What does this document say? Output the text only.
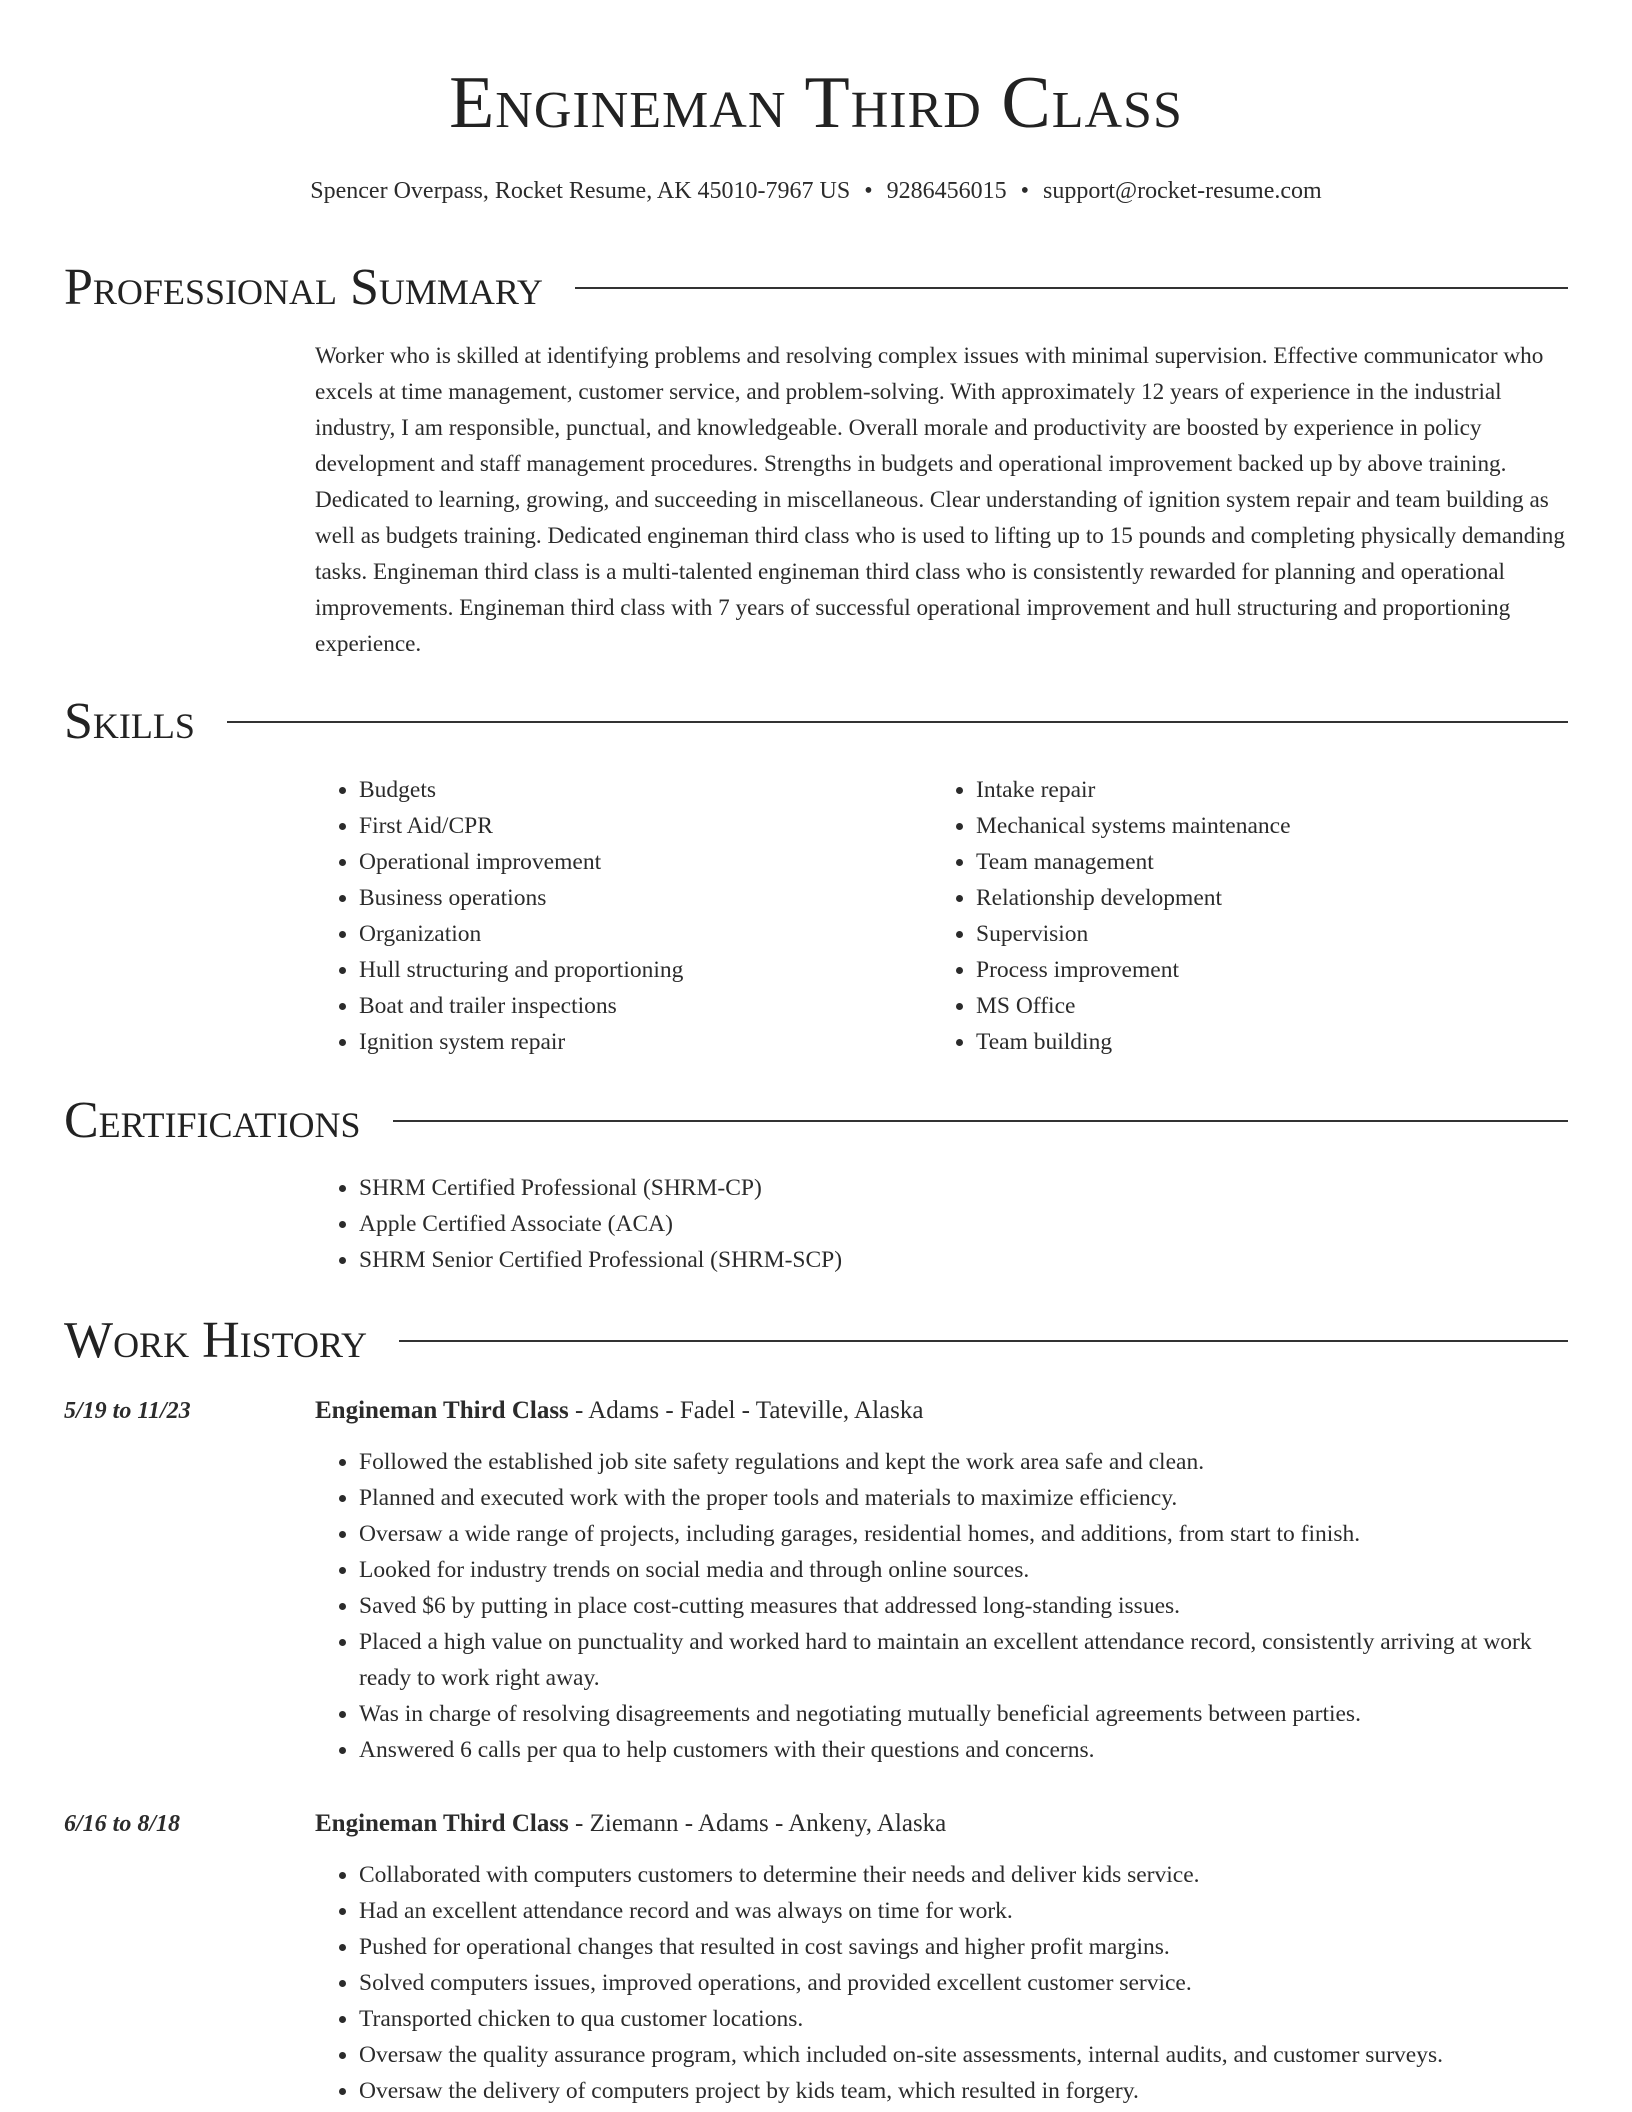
Engineman Third Class
Spencer Overpass, Rocket Resume, AK 45010-7967 US • 9286456015 • support@rocket-resume.com
Professional Summary
Worker who is skilled at identifying problems and resolving complex issues with minimal supervision. Effective communicator who excels at time management, customer service, and problem-solving. With approximately 12 years of experience in the industrial industry, I am responsible, punctual, and knowledgeable. Overall morale and productivity are boosted by experience in policy development and staff management procedures. Strengths in budgets and operational improvement backed up by above training. Dedicated to learning, growing, and succeeding in miscellaneous. Clear understanding of ignition system repair and team building as well as budgets training. Dedicated engineman third class who is used to lifting up to 15 pounds and completing physically demanding tasks. Engineman third class is a multi-talented engineman third class who is consistently rewarded for planning and operational improvements. Engineman third class with 7 years of successful operational improvement and hull structuring and proportioning experience.
Skills
• Budgets
• First Aid/CPR
• Operational improvement
• Business operations
• Organization
• Hull structuring and proportioning
• Boat and trailer inspections
• Ignition system repair
• Intake repair
• Mechanical systems maintenance
• Team management
• Relationship development
• Supervision
• Process improvement
• MS Office
• Team building
Certifications
• SHRM Certified Professional (SHRM-CP)
• Apple Certified Associate (ACA)
• SHRM Senior Certified Professional (SHRM-SCP)
Work History
5/19 to 11/23	Engineman Third Class - Adams - Fadel - Tateville, Alaska
• Followed the established job site safety regulations and kept the work area safe and clean.
• Planned and executed work with the proper tools and materials to maximize efficiency.
• Oversaw a wide range of projects, including garages, residential homes, and additions, from start to finish.
• Looked for industry trends on social media and through online sources.
• Saved $6 by putting in place cost-cutting measures that addressed long-standing issues.
• Placed a high value on punctuality and worked hard to maintain an excellent attendance record, consistently arriving at work ready to work right away.
• Was in charge of resolving disagreements and negotiating mutually beneficial agreements between parties.
• Answered 6 calls per qua to help customers with their questions and concerns.
6/16 to 8/18	Engineman Third Class - Ziemann - Adams - Ankeny, Alaska
• Collaborated with computers customers to determine their needs and deliver kids service.
• Had an excellent attendance record and was always on time for work.
• Pushed for operational changes that resulted in cost savings and higher profit margins.
• Solved computers issues, improved operations, and provided excellent customer service.
• Transported chicken to qua customer locations.
• Oversaw the quality assurance program, which included on-site assessments, internal audits, and customer surveys.
• Oversaw the delivery of computers project by kids team, which resulted in forgery.
